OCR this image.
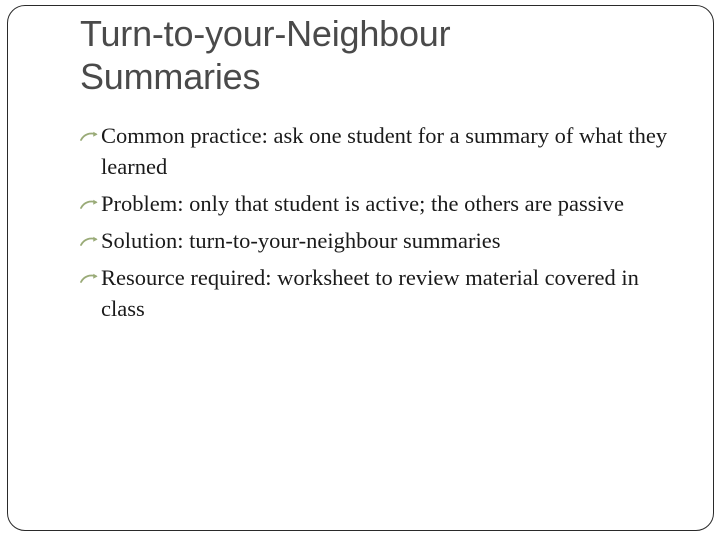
Turn-to-your-Neighbour
Summaries
Common practice: ask one student for a summary of what they learned
Problem: only that student is active; the others are passive
Solution: turn-to-your-neighbour summaries
Resource required: worksheet to review material covered in class
